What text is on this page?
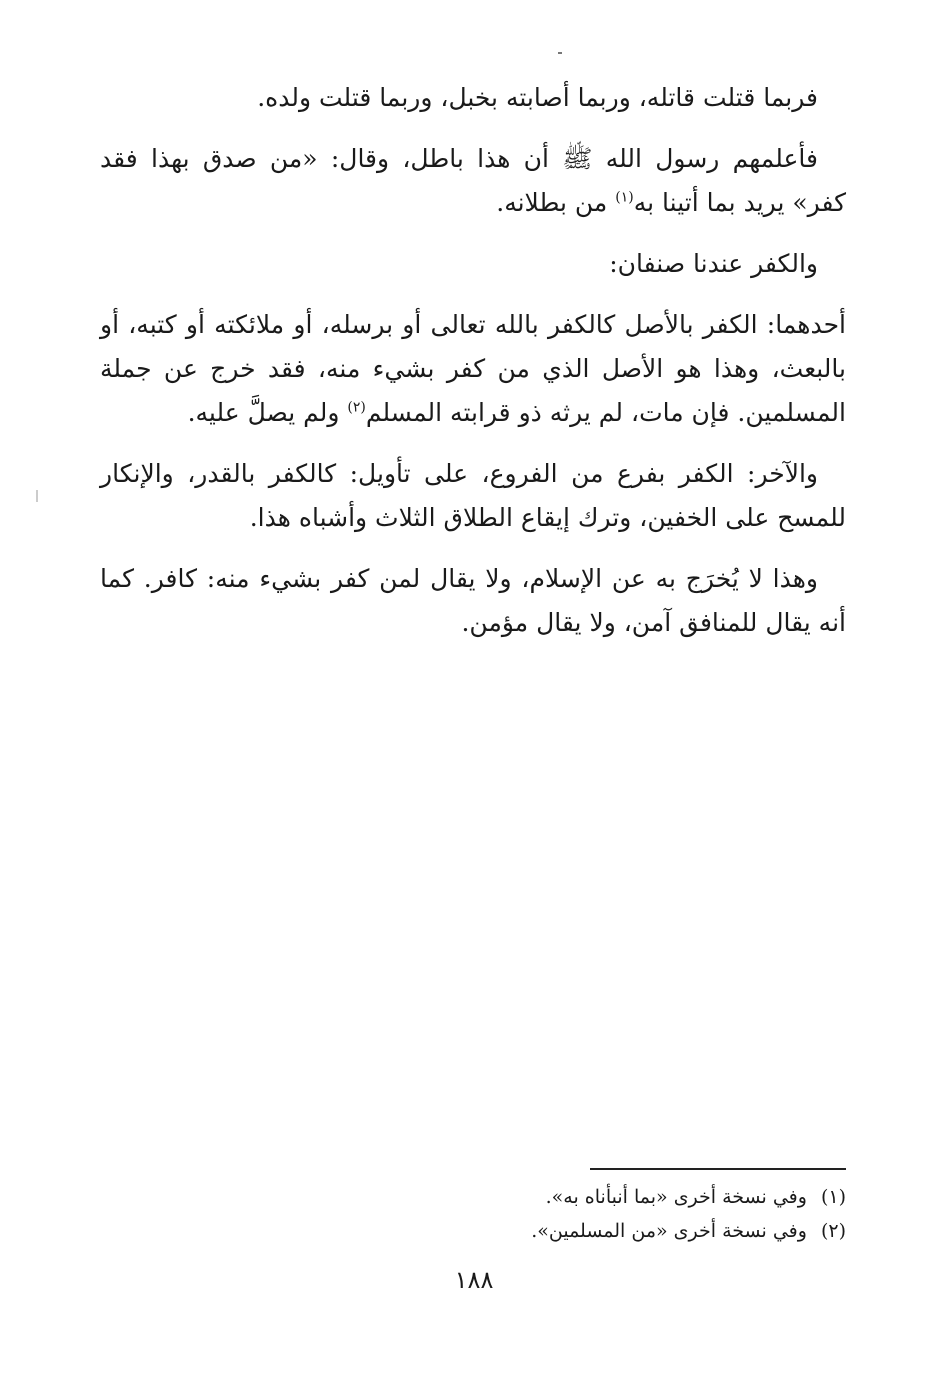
فربما قتلت قاتله، وربما أصابته بخبل، وربما قتلت ولده.

فأعلمهم رسول الله ﷺ أن هذا باطل، وقال: «من صدق بهذا فقد كفر» يريد بما أتينا به$^{(١)}$ من بطلانه.

والكفر عندنا صنفان:

أحدهما: الكفر بالأصل كالكفر بالله تعالى أو برسله، أو ملائكته أو كتبه، أو بالبعث، وهذا هو الأصل الذي من كفر بشيء منه، فقد خرج عن جملة المسلمين. فإن مات، لم يرثه ذو قرابته المسلم$^{(٢)}$ ولم يصلَّ عليه.

والآخر: الكفر بفرع من الفروع، على تأويل: كالكفر بالقدر، والإنكار للمسح على الخفين، وترك إيقاع الطلاق الثلاث وأشباه هذا.

وهذا لا يُخرَج به عن الإسلام، ولا يقال لمن كفر بشيء منه: كافر. كما أنه يقال للمنافق آمن، ولا يقال مؤمن.

(١)
وفي نسخة أخرى «بما أنبأناه به».
(٢)
وفي نسخة أخرى «من المسلمين».
١٨٨
